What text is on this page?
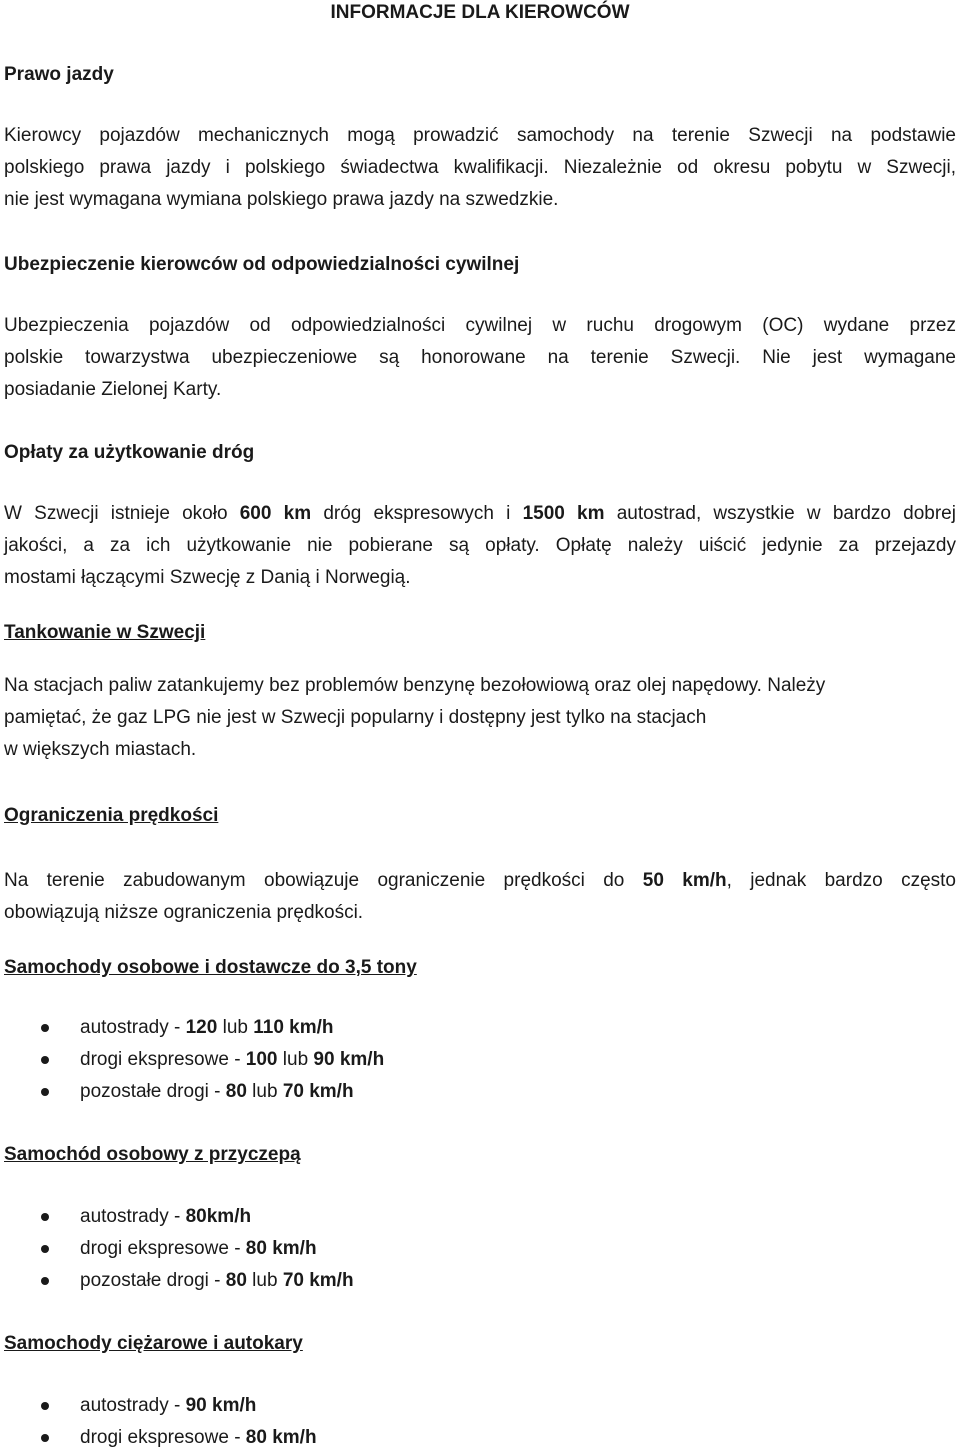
INFORMACJE DLA KIEROWCÓW
Prawo jazdy
Kierowcy pojazdów mechanicznych mogą prowadzić samochody na terenie Szwecji na podstawie
polskiego prawa jazdy i polskiego świadectwa kwalifikacji. Niezależnie od okresu pobytu w Szwecji,
nie jest wymagana wymiana polskiego prawa jazdy na szwedzkie.
Ubezpieczenie kierowców od odpowiedzialności cywilnej
Ubezpieczenia pojazdów od odpowiedzialności cywilnej w ruchu drogowym (OC) wydane przez
polskie towarzystwa ubezpieczeniowe są honorowane na terenie Szwecji. Nie jest wymagane
posiadanie Zielonej Karty.
Opłaty za użytkowanie dróg
W Szwecji istnieje około 600 km dróg ekspresowych i 1500 km autostrad, wszystkie w bardzo dobrej
jakości, a za ich użytkowanie nie pobierane są opłaty. Opłatę należy uiścić jedynie za przejazdy
mostami łączącymi Szwecję z Danią i Norwegią.
Tankowanie w Szwecji
Na stacjach paliw zatankujemy bez problemów benzynę bezołowiową oraz olej napędowy. Należy
pamiętać, że gaz LPG nie jest w Szwecji popularny i dostępny jest tylko na stacjach
w większych miastach.
Ograniczenia prędkości
Na terenie zabudowanym obowiązuje ograniczenie prędkości do 50 km/h, jednak bardzo często
obowiązują niższe ograniczenia prędkości.
Samochody osobowe i dostawcze do 3,5 tony
autostrady - 120 lub 110 km/h
drogi ekspresowe - 100 lub 90 km/h
pozostałe drogi - 80 lub 70 km/h
Samochód osobowy z przyczepą
autostrady - 80km/h
drogi ekspresowe - 80 km/h
pozostałe drogi - 80 lub 70 km/h
Samochody ciężarowe i autokary
autostrady - 90 km/h
drogi ekspresowe - 80 km/h
